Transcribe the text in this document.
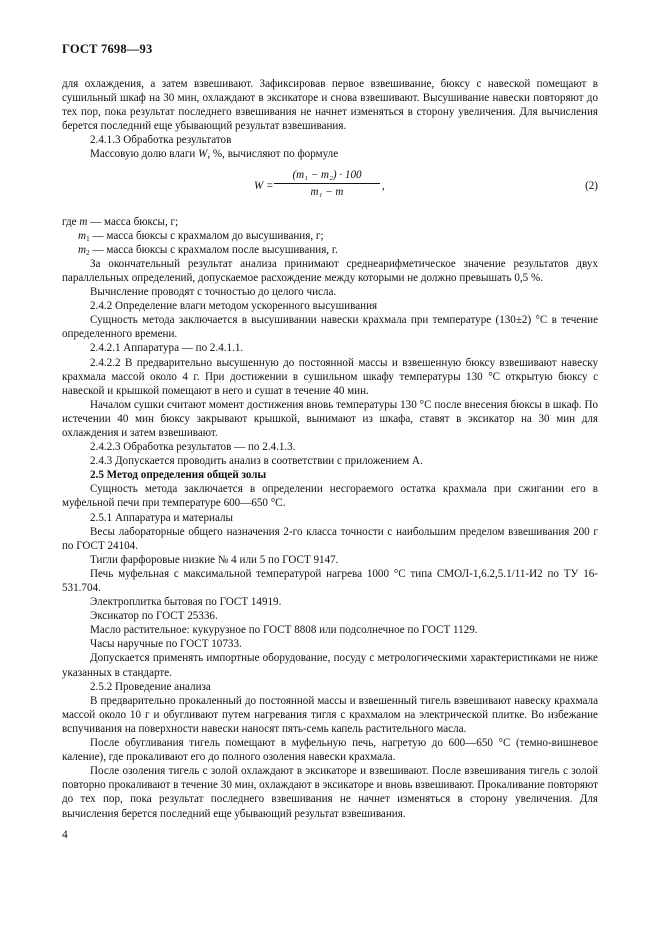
ГОСТ 7698—93

для охлаждения, а затем взвешивают. Зафиксировав первое взвешивание, бюксу с навеской помещают в сушильный шкаф на 30 мин, охлаждают в эксикаторе и снова взвешивают. Высушивание навески повторяют до тех пор, пока результат последнего взвешивания не начнет изменяться в сторону увеличения. Для вычисления берется последний еще убывающий результат взвешивания.

2.4.1.3 Обработка результатов

Массовую долю влаги W, %, вычисляют по формуле

$W = \frac{\text{(m₁ − m₂) · 100}}{\text{m₁ − m}}$ ,	(2)

где m — масса бюксы, г;

$m_1$ — масса бюксы с крахмалом до высушивания, г;

$m_2$ — масса бюксы с крахмалом после высушивания, г.

За окончательный результат анализа принимают среднеарифметическое значение результатов двух параллельных определений, допускаемое расхождение между которыми не должно превышать 0,5 %.

Вычисление проводят с точностью до целого числа.

2.4.2 Определение влаги методом ускоренного высушивания

Сущность метода заключается в высушивании навески крахмала при температуре (130±2) °С в течение определенного времени.

2.4.2.1 Аппаратура — по 2.4.1.1.

2.4.2.2 В предварительно высушенную до постоянной массы и взвешенную бюксу взвешивают навеску крахмала массой около 4 г. При достижении в сушильном шкафу температуры 130 °С открытую бюксу с навеской и крышкой помещают в него и сушат в течение 40 мин.

Началом сушки считают момент достижения вновь температуры 130 °С после внесения бюксы в шкаф. По истечении 40 мин бюксу закрывают крышкой, вынимают из шкафа, ставят в эксикатор на 30 мин для охлаждения и затем взвешивают.

2.4.2.3 Обработка результатов — по 2.4.1.3.

2.4.3 Допускается проводить анализ в соответствии с приложением А.

2.5 Метод определения общей золы

Сущность метода заключается в определении несгораемого остатка крахмала при сжигании его в муфельной печи при температуре 600—650 °С.

2.5.1 Аппаратура и материалы

Весы лабораторные общего назначения 2-го класса точности с наибольшим пределом взвешивания 200 г по ГОСТ 24104.

Тигли фарфоровые низкие № 4 или 5 по ГОСТ 9147.

Печь муфельная с максимальной температурой нагрева 1000 °С типа СМОЛ-1,6.2,5.1/11-И2 по ТУ 16-531.704.

Электроплитка бытовая по ГОСТ 14919.

Эксикатор по ГОСТ 25336.

Масло растительное: кукурузное по ГОСТ 8808 или подсолнечное по ГОСТ 1129.

Часы наручные по ГОСТ 10733.

Допускается применять импортные оборудование, посуду с метрологическими характеристиками не ниже указанных в стандарте.

2.5.2 Проведение анализа

В предварительно прокаленный до постоянной массы и взвешенный тигель взвешивают навеску крахмала массой около 10 г и обугливают путем нагревания тигля с крахмалом на электрической плитке. Во избежание вспучивания на поверхности навески наносят пять-семь капель растительного масла.

После обугливания тигель помещают в муфельную печь, нагретую до 600—650 °С (темно-вишневое каление), где прокаливают его до полного озоления навески крахмала.

После озоления тигель с золой охлаждают в эксикаторе и взвешивают. После взвешивания тигель с золой повторно прокаливают в течение 30 мин, охлаждают в эксикаторе и вновь взвешивают. Прокаливание повторяют до тех пор, пока результат последнего взвешивания не начнет изменяться в сторону увеличения. Для вычисления берется последний еще убывающий результат взвешивания.

4
